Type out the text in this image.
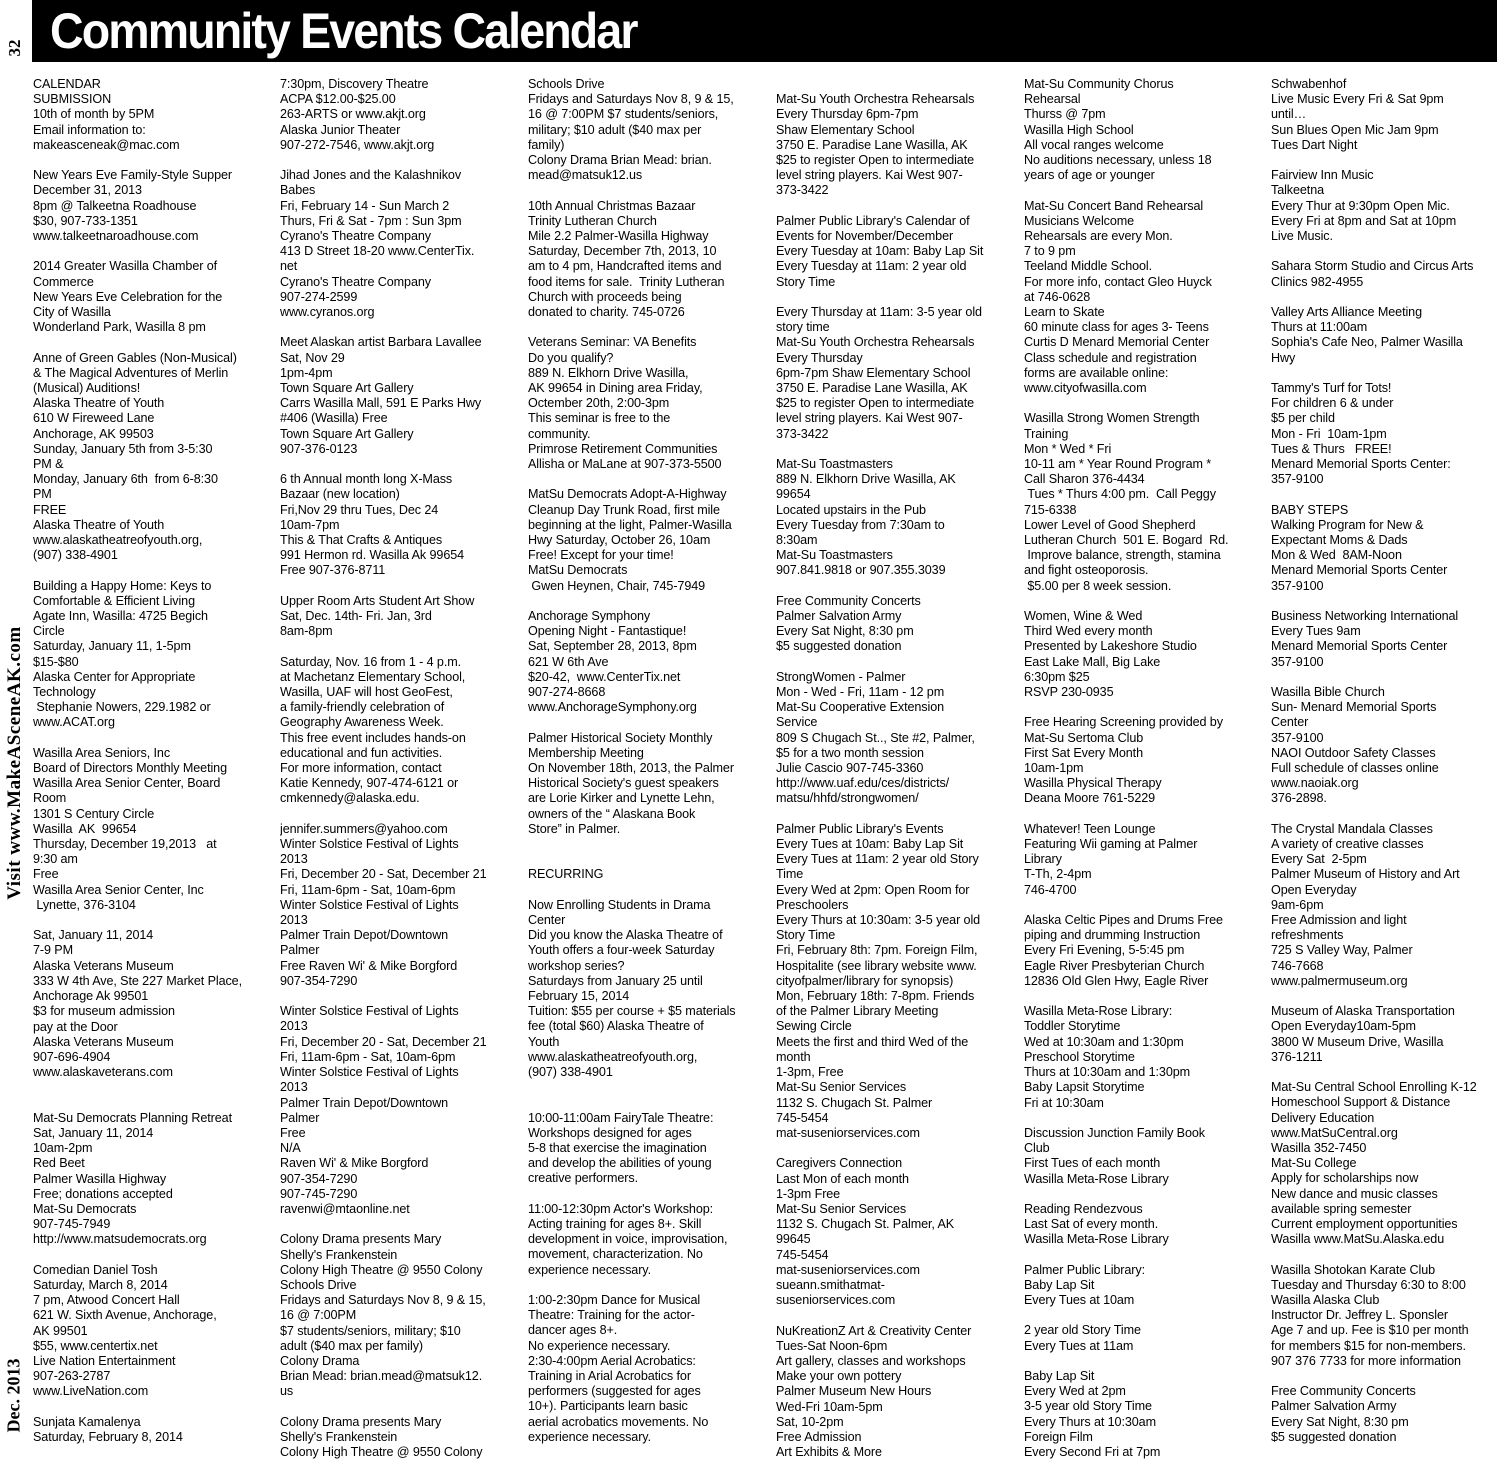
Community Events Calendar
32
Visit www.MakeASceneAK.com
Dec. 2013

CALENDAR

SUBMISSION

10th of month by 5PM

Email information to:

makeasceneak@mac.com

New Years Eve Family-Style Supper

December 31, 2013

8pm @ Talkeetna Roadhouse

$30, 907-733-1351

www.talkeetnaroadhouse.com

2014 Greater Wasilla Chamber of

Commerce

New Years Eve Celebration for the

City of Wasilla

Wonderland Park, Wasilla 8 pm

Anne of Green Gables (Non-Musical)

& The Magical Adventures of Merlin

(Musical) Auditions!

Alaska Theatre of Youth

610 W Fireweed Lane

Anchorage, AK 99503

Sunday, January 5th from 3-5:30

PM &

Monday, January 6th  from 6-8:30

PM

FREE

Alaska Theatre of Youth

www.alaskatheatreofyouth.org,

(907) 338-4901

Building a Happy Home: Keys to

Comfortable & Efficient Living

Agate Inn, Wasilla: 4725 Begich

Circle

Saturday, January 11, 1-5pm

$15-$80

Alaska Center for Appropriate

Technology

Stephanie Nowers, 229.1982 or

www.ACAT.org

Wasilla Area Seniors, Inc

Board of Directors Monthly Meeting

Wasilla Area Senior Center, Board

Room

1301 S Century Circle

Wasilla  AK  99654

Thursday, December 19,2013   at

9:30 am

Free

Wasilla Area Senior Center, Inc

Lynette, 376-3104

Sat, January 11, 2014

7-9 PM

Alaska Veterans Museum

333 W 4th Ave, Ste 227 Market Place,

Anchorage Ak 99501

$3 for museum admission

pay at the Door

Alaska Veterans Museum

907-696-4904

www.alaskaveterans.com

Mat-Su Democrats Planning Retreat

Sat, January 11, 2014

10am-2pm

Red Beet

Palmer Wasilla Highway

Free; donations accepted

Mat-Su Democrats

907-745-7949

http://www.matsudemocrats.org

Comedian Daniel Tosh

Saturday, March 8, 2014

7 pm, Atwood Concert Hall

621 W. Sixth Avenue, Anchorage,

AK 99501

$55, www.centertix.net

Live Nation Entertainment

907-263-2787

www.LiveNation.com

Sunjata Kamalenya

Saturday, February 8, 2014

7:30pm, Discovery Theatre

ACPA $12.00-$25.00

263-ARTS or www.akjt.org

Alaska Junior Theater

907-272-7546, www.akjt.org

Jihad Jones and the Kalashnikov

Babes

Fri, February 14 - Sun March 2

Thurs, Fri & Sat - 7pm : Sun 3pm

Cyrano's Theatre Company

413 D Street 18-20 www.CenterTix.

net

Cyrano's Theatre Company

907-274-2599

www.cyranos.org

Meet Alaskan artist Barbara Lavallee

Sat, Nov 29

1pm-4pm

Town Square Art Gallery

Carrs Wasilla Mall, 591 E Parks Hwy

#406 (Wasilla) Free

Town Square Art Gallery

907-376-0123

6 th Annual month long X-Mass

Bazaar (new location)

Fri,Nov 29 thru Tues, Dec 24

10am-7pm

This & That Crafts & Antiques

991 Hermon rd. Wasilla Ak 99654

Free 907-376-8711

Upper Room Arts Student Art Show

Sat, Dec. 14th- Fri. Jan, 3rd

8am-8pm

Saturday, Nov. 16 from 1 - 4 p.m.

at Machetanz Elementary School,

Wasilla, UAF will host GeoFest,

a family-friendly celebration of

Geography Awareness Week.

This free event includes hands-on

educational and fun activities.

For more information, contact

Katie Kennedy, 907-474-6121 or

cmkennedy@alaska.edu.

jennifer.summers@yahoo.com

Winter Solstice Festival of Lights

2013

Fri, December 20 - Sat, December 21

Fri, 11am-6pm - Sat, 10am-6pm

Winter Solstice Festival of Lights

2013

Palmer Train Depot/Downtown

Palmer

Free Raven Wi' & Mike Borgford

907-354-7290

Winter Solstice Festival of Lights

2013

Fri, December 20 - Sat, December 21

Fri, 11am-6pm - Sat, 10am-6pm

Winter Solstice Festival of Lights

2013

Palmer Train Depot/Downtown

Palmer

Free

N/A

Raven Wi' & Mike Borgford

907-354-7290

907-745-7290

ravenwi@mtaonline.net

Colony Drama presents Mary

Shelly's Frankenstein

Colony High Theatre @ 9550 Colony

Schools Drive

Fridays and Saturdays Nov 8, 9 & 15,

16 @ 7:00PM

$7 students/seniors, military; $10

adult ($40 max per family)

Colony Drama

Brian Mead: brian.mead@matsuk12.

us

Colony Drama presents Mary

Shelly's Frankenstein

Colony High Theatre @ 9550 Colony

Schools Drive

Fridays and Saturdays Nov 8, 9 & 15,

16 @ 7:00PM $7 students/seniors,

military; $10 adult ($40 max per

family)

Colony Drama Brian Mead: brian.

mead@matsuk12.us

10th Annual Christmas Bazaar

Trinity Lutheran Church

Mile 2.2 Palmer-Wasilla Highway

Saturday, December 7th, 2013, 10

am to 4 pm, Handcrafted items and

food items for sale.  Trinity Lutheran

Church with proceeds being

donated to charity. 745-0726

Veterans Seminar: VA Benefits

Do you qualify?

889 N. Elkhorn Drive Wasilla,

AK 99654 in Dining area Friday,

Octember 20th, 2:00-3pm

This seminar is free to the

community.

Primrose Retirement Communities

Allisha or MaLane at 907-373-5500

MatSu Democrats Adopt-A-Highway

Cleanup Day Trunk Road, first mile

beginning at the light, Palmer-Wasilla

Hwy Saturday, October 26, 10am

Free! Except for your time!

MatSu Democrats

Gwen Heynen, Chair, 745-7949

Anchorage Symphony

Opening Night - Fantastique!

Sat, September 28, 2013, 8pm

621 W 6th Ave

$20-42,  www.CenterTix.net

907-274-8668

www.AnchorageSymphony.org

Palmer Historical Society Monthly

Membership Meeting

On November 18th, 2013, the Palmer

Historical Society's guest speakers

are Lorie Kirker and Lynette Lehn,

owners of the “ Alaskana Book

Store” in Palmer.

RECURRING

Now Enrolling Students in Drama

Center

Did you know the Alaska Theatre of

Youth offers a four-week Saturday

workshop series?

Saturdays from January 25 until

February 15, 2014

Tuition: $55 per course + $5 materials

fee (total $60) Alaska Theatre of

Youth

www.alaskatheatreofyouth.org,

(907) 338-4901

10:00-11:00am FairyTale Theatre:

Workshops designed for ages

5-8 that exercise the imagination

and develop the abilities of young

creative performers.

11:00-12:30pm Actor's Workshop:

Acting training for ages 8+. Skill

development in voice, improvisation,

movement, characterization. No

experience necessary.

1:00-2:30pm Dance for Musical

Theatre: Training for the actor-

dancer ages 8+.

No experience necessary.

2:30-4:00pm Aerial Acrobatics:

Training in Arial Acrobatics for

performers (suggested for ages

10+). Participants learn basic

aerial acrobatics movements. No

experience necessary.

Mat-Su Youth Orchestra Rehearsals

Every Thursday 6pm-7pm

Shaw Elementary School

3750 E. Paradise Lane Wasilla, AK

$25 to register Open to intermediate

level string players. Kai West 907-

373-3422

Palmer Public Library's Calendar of

Events for November/December

Every Tuesday at 10am: Baby Lap Sit

Every Tuesday at 11am: 2 year old

Story Time

Every Thursday at 11am: 3-5 year old

story time

Mat-Su Youth Orchestra Rehearsals

Every Thursday

6pm-7pm Shaw Elementary School

3750 E. Paradise Lane Wasilla, AK

$25 to register Open to intermediate

level string players. Kai West 907-

373-3422

Mat-Su Toastmasters

889 N. Elkhorn Drive Wasilla, AK

99654

Located upstairs in the Pub

Every Tuesday from 7:30am to

8:30am

Mat-Su Toastmasters

907.841.9818 or 907.355.3039

Free Community Concerts

Palmer Salvation Army

Every Sat Night, 8:30 pm

$5 suggested donation

StrongWomen - Palmer

Mon - Wed - Fri, 11am - 12 pm

Mat-Su Cooperative Extension

Service

809 S Chugach St.., Ste #2, Palmer,

$5 for a two month session

Julie Cascio 907-745-3360

http://www.uaf.edu/ces/districts/

matsu/hhfd/strongwomen/

Palmer Public Library's Events

Every Tues at 10am: Baby Lap Sit

Every Tues at 11am: 2 year old Story

Time

Every Wed at 2pm: Open Room for

Preschoolers

Every Thurs at 10:30am: 3-5 year old

Story Time

Fri, February 8th: 7pm. Foreign Film,

Hospitalite (see library website www.

cityofpalmer/library for synopsis)

Mon, February 18th: 7-8pm. Friends

of the Palmer Library Meeting

Sewing Circle

Meets the first and third Wed of the

month

1-3pm, Free

Mat-Su Senior Services

1132 S. Chugach St. Palmer

745-5454

mat-suseniorservices.com

Caregivers Connection

Last Mon of each month

1-3pm Free

Mat-Su Senior Services

1132 S. Chugach St. Palmer, AK

99645

745-5454

mat-suseniorservices.com

sueann.smithatmat-

suseniorservices.com

NuKreationZ Art & Creativity Center

Tues-Sat Noon-6pm

Art gallery, classes and workshops

Make your own pottery

Palmer Museum New Hours

Wed-Fri 10am-5pm

Sat, 10-2pm

Free Admission

Art Exhibits & More

Mat-Su Community Chorus

Rehearsal

Thurss @ 7pm

Wasilla High School

All vocal ranges welcome

No auditions necessary, unless 18

years of age or younger

Mat-Su Concert Band Rehearsal

Musicians Welcome

Rehearsals are every Mon.

7 to 9 pm

Teeland Middle School.

For more info, contact Gleo Huyck

at 746-0628

Learn to Skate

60 minute class for ages 3- Teens

Curtis D Menard Memorial Center

Class schedule and registration

forms are available online:

www.cityofwasilla.com

Wasilla Strong Women Strength

Training

Mon * Wed * Fri

10-11 am * Year Round Program *

Call Sharon 376-4434

Tues * Thurs 4:00 pm.  Call Peggy

715-6338

Lower Level of Good Shepherd

Lutheran Church  501 E. Bogard  Rd.

Improve balance, strength, stamina

and fight osteoporosis.

$5.00 per 8 week session.

Women, Wine & Wed

Third Wed every month

Presented by Lakeshore Studio

East Lake Mall, Big Lake

6:30pm $25

RSVP 230-0935

Free Hearing Screening provided by

Mat-Su Sertoma Club

First Sat Every Month

10am-1pm

Wasilla Physical Therapy

Deana Moore 761-5229

Whatever! Teen Lounge

Featuring Wii gaming at Palmer

Library

T-Th, 2-4pm

746-4700

Alaska Celtic Pipes and Drums Free

piping and drumming Instruction

Every Fri Evening, 5-5:45 pm

Eagle River Presbyterian Church

12836 Old Glen Hwy, Eagle River

Wasilla Meta-Rose Library:

Toddler Storytime

Wed at 10:30am and 1:30pm

Preschool Storytime

Thurs at 10:30am and 1:30pm

Baby Lapsit Storytime

Fri at 10:30am

Discussion Junction Family Book

Club

First Tues of each month

Wasilla Meta-Rose Library

Reading Rendezvous

Last Sat of every month.

Wasilla Meta-Rose Library

Palmer Public Library:

Baby Lap Sit

Every Tues at 10am

2 year old Story Time

Every Tues at 11am

Baby Lap Sit

Every Wed at 2pm

3-5 year old Story Time

Every Thurs at 10:30am

Foreign Film

Every Second Fri at 7pm

Schwabenhof

Live Music Every Fri & Sat 9pm

until…

Sun Blues Open Mic Jam 9pm

Tues Dart Night

Fairview Inn Music

Talkeetna

Every Thur at 9:30pm Open Mic.

Every Fri at 8pm and Sat at 10pm

Live Music.

Sahara Storm Studio and Circus Arts

Clinics 982-4955

Valley Arts Alliance Meeting

Thurs at 11:00am

Sophia's Cafe Neo, Palmer Wasilla

Hwy

Tammy's Turf for Tots!

For children 6 & under

$5 per child

Mon - Fri  10am-1pm

Tues & Thurs   FREE!

Menard Memorial Sports Center:

357-9100

BABY STEPS

Walking Program for New &

Expectant Moms & Dads

Mon & Wed  8AM-Noon

Menard Memorial Sports Center

357-9100

Business Networking International

Every Tues 9am

Menard Memorial Sports Center

357-9100

Wasilla Bible Church

Sun- Menard Memorial Sports

Center

357-9100

NAOI Outdoor Safety Classes

Full schedule of classes online

www.naoiak.org

376-2898.

The Crystal Mandala Classes

A variety of creative classes

Every Sat  2-5pm

Palmer Museum of History and Art

Open Everyday

9am-6pm

Free Admission and light

refreshments

725 S Valley Way, Palmer

746-7668

www.palmermuseum.org

Museum of Alaska Transportation

Open Everyday10am-5pm

3800 W Museum Drive, Wasilla

376-1211

Mat-Su Central School Enrolling K-12

Homeschool Support & Distance

Delivery Education

www.MatSuCentral.org

Wasilla 352-7450

Mat-Su College

Apply for scholarships now

New dance and music classes

available spring semester

Current employment opportunities

Wasilla www.MatSu.Alaska.edu

Wasilla Shotokan Karate Club

Tuesday and Thursday 6:30 to 8:00

Wasilla Alaska Club

Instructor Dr. Jeffrey L. Sponsler

Age 7 and up. Fee is $10 per month

for members $15 for non-members.

907 376 7733 for more information

Free Community Concerts

Palmer Salvation Army

Every Sat Night, 8:30 pm

$5 suggested donation
